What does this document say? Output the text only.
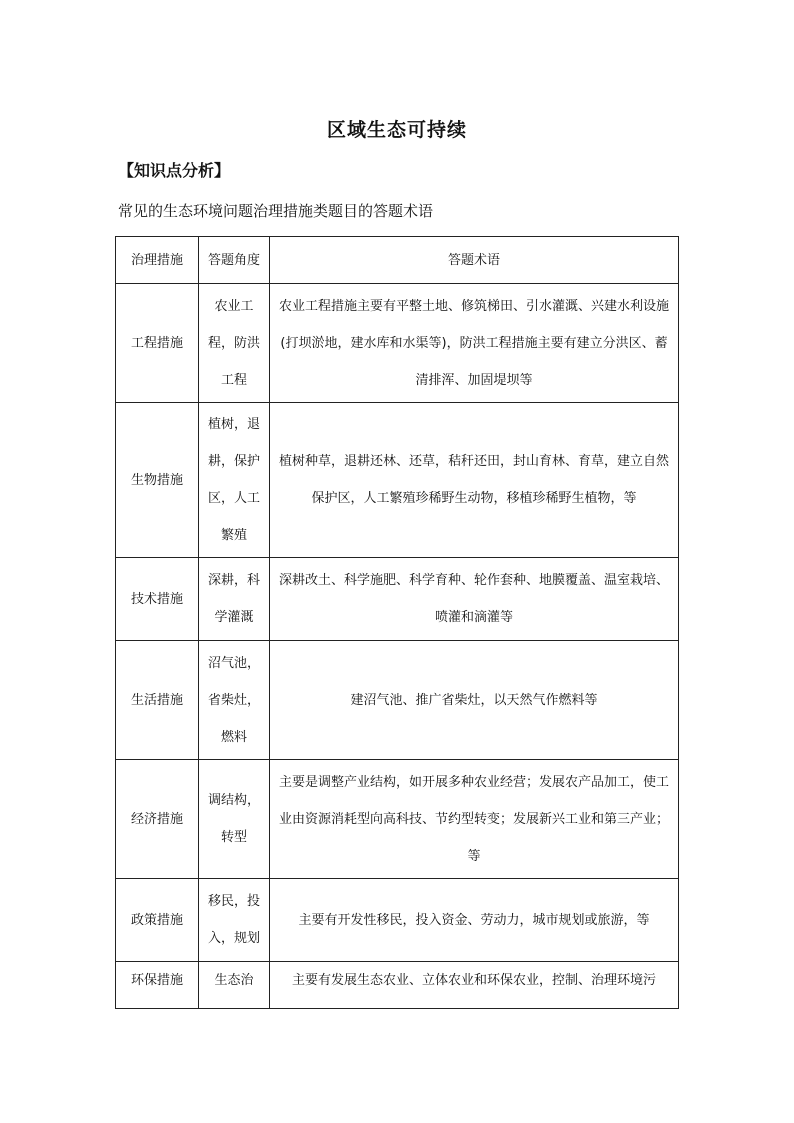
区域生态可持续
【知识点分析】
常见的生态环境问题治理措施类题目的答题术语
治理措施	答题角度	答题术语
工程措施	农业工程，防洪工程	农业工程措施主要有平整土地、修筑梯田、引水灌溉、兴建水利设施(打坝淤地，建水库和水渠等)，防洪工程措施主要有建立分洪区、蓄清排浑、加固堤坝等
生物措施	植树，退耕，保护区，人工繁殖	植树种草，退耕还林、还草，秸秆还田，封山育林、育草，建立自然保护区，人工繁殖珍稀野生动物，移植珍稀野生植物，等
技术措施	深耕，科学灌溉	深耕改土、科学施肥、科学育种、轮作套种、地膜覆盖、温室栽培、喷灌和滴灌等
生活措施	沼气池，省柴灶，燃料	建沼气池、推广省柴灶，以天然气作燃料等
经济措施	调结构，转型	主要是调整产业结构，如开展多种农业经营；发展农产品加工，使工业由资源消耗型向高科技、节约型转变；发展新兴工业和第三产业；等
政策措施	移民，投入，规划	主要有开发性移民，投入资金、劳动力，城市规划或旅游，等
环保措施	生态治	主要有发展生态农业、立体农业和环保农业，控制、治理环境污
